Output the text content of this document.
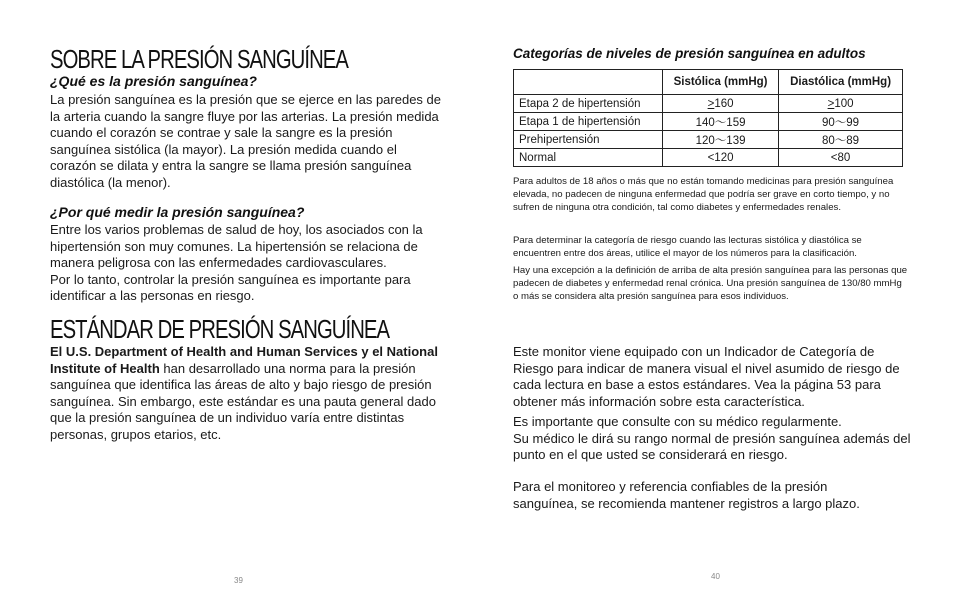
SOBRE LA PRESIÓN SANGUÍNEA
¿Qué es la presión sanguínea?

La presión sanguínea es la presión que se ejerce en las paredes de la arteria cuando la sangre fluye por las arterias. La presión medida cuando el corazón se contrae y sale la sangre es la presión sanguínea sistólica (la mayor). La presión medida cuando el corazón se dilata y entra la sangre se llama presión sanguínea diastólica (la menor).

¿Por qué medir la presión sanguínea?

Entre los varios problemas de salud de hoy, los asociados con la hipertensión son muy comunes. La hipertensión se relaciona de manera peligrosa con las enfermedades cardiovasculares.

Por lo tanto, controlar la presión sanguínea es importante para identificar a las personas en riesgo.

ESTÁNDAR DE PRESIÓN SANGUÍNEA

El U.S. Department of Health and Human Services y el National Institute of Health han desarrollado una norma para la presión sanguínea que identifica las áreas de alto y bajo riesgo de presión sanguínea. Sin embargo, este estándar es una pauta general dado que la presión sanguínea de un individuo varía entre distintas personas, grupos etarios, etc.

39
Categorías de niveles de presión sanguínea en adultos
	Sistólica (mmHg)	Diastólica (mmHg)
Etapa 2 de hipertensión	≥160	≥100
Etapa 1 de hipertensión	140～159	90～99
Prehipertensión	120～139	80～89
Normal	<120	<80
Para adultos de 18 años o más que no están tomando medicinas para presión sanguínea elevada, no padecen de ninguna enfermedad que podría ser grave en corto tiempo, y no sufren de ninguna otra condición, tal como diabetes y enfermedades renales.
Para determinar la categoría de riesgo cuando las lecturas sistólica y diastólica se encuentren entre dos áreas, utilice el mayor de los números para la clasificación.
Hay una excepción a la definición de arriba de alta presión sanguínea para las personas que padecen de diabetes y enfermedad renal crónica. Una presión sanguínea de 130/80 mmHg o más se considera alta presión sanguínea para esos individuos.

Este monitor viene equipado con un Indicador de Categoría de Riesgo para indicar de manera visual el nivel asumido de riesgo de cada lectura en base a estos estándares. Vea la página 53 para obtener más información sobre esta característica.

Es importante que consulte con su médico regularmente.

Su médico le dirá su rango normal de presión sanguínea además del punto en el que usted se considerará en riesgo.

Para el monitoreo y referencia confiables de la presión sanguínea, se recomienda mantener registros a largo plazo.

40
